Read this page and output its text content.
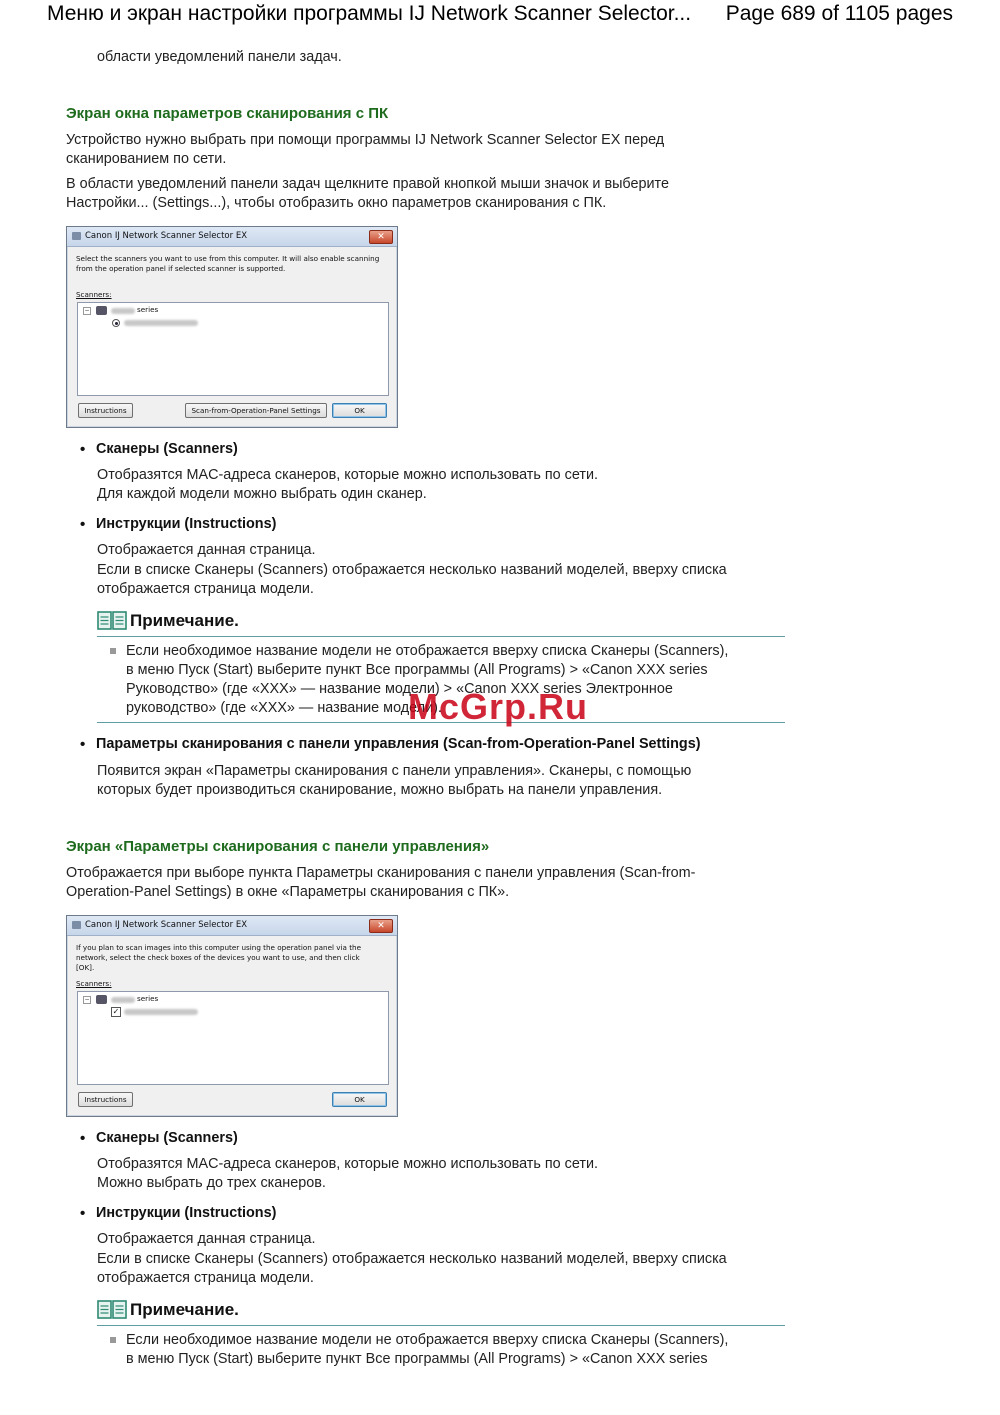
Меню и экран настройки программы IJ Network Scanner Selector... Page 689 of 1105 pages

области уведомлений панели задач.

Экран окна параметров сканирования с ПК

Устройство нужно выбрать при помощи программы IJ Network Scanner Selector EX перед

сканированием по сети.

В области уведомлений панели задач щелкните правой кнопкой мыши значок и выберите

Настройки... (Settings...), чтобы отобразить окно параметров сканирования с ПК.

Canon IJ Network Scanner Selector EX	✕
Select the scanners you want to use from this computer. It will also enable scanning
from the operation panel if selected scanner is supported.
Scanners:
−	series
Instructions	Scan-from-Operation-Panel Settings	OK
• Сканеры (Scanners)

Отобразятся MAC-адреса сканеров, которые можно использовать по сети.

Для каждой модели можно выбрать один сканер.

• Инструкции (Instructions)

Отображается данная страница.

Если в списке Сканеры (Scanners) отображается несколько названий моделей, вверху списка

отображается страница модели.

Примечание.
Если необходимое название модели не отображается вверху списка Сканеры (Scanners),
в меню Пуск (Start) выберите пункт Все программы (All Programs) > «Canon XXX series
Руководство» (где «XXX» — название модели) > «Canon XXX series Электронное
руководство» (где «XXX» — название модели).
McGrp.Ru
• Параметры сканирования с панели управления (Scan-from-Operation-Panel Settings)

Появится экран «Параметры сканирования с панели управления». Сканеры, с помощью

которых будет производиться сканирование, можно выбрать на панели управления.

Экран «Параметры сканирования с панели управления»

Отображается при выборе пункта Параметры сканирования с панели управления (Scan-from-

Operation-Panel Settings) в окне «Параметры сканирования с ПК».

Canon IJ Network Scanner Selector EX	✕
If you plan to scan images into this computer using the operation panel via the
network, select the check boxes of the devices you want to use, and then click
[OK].
Scanners:
−	series
✓
Instructions	OK
• Сканеры (Scanners)

Отобразятся MAC-адреса сканеров, которые можно использовать по сети.

Можно выбрать до трех сканеров.

• Инструкции (Instructions)

Отображается данная страница.

Если в списке Сканеры (Scanners) отображается несколько названий моделей, вверху списка

отображается страница модели.

Примечание.
Если необходимое название модели не отображается вверху списка Сканеры (Scanners),
в меню Пуск (Start) выберите пункт Все программы (All Programs) > «Canon XXX series
